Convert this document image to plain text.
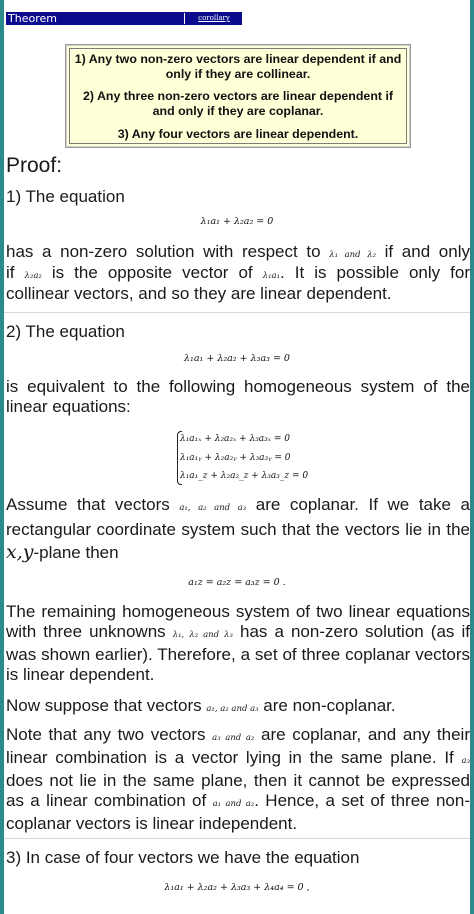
Theorem	corollary

1) Any two non-zero vectors are linear dependent if and only if they are collinear.

2) Any three non-zero vectors are linear dependent if and only if they are coplanar.

3) Any four vectors are linear dependent.

Proof:
1) The equation
λ₁a₁ + λ₂a₂ = 0
has a non-zero solution with respect to λ₁ and λ₂ if and only
if λ₂a₂ is the opposite vector of λ₁a₁. It is possible only for
collinear vectors, and so they are linear dependent.
2) The equation
λ₁a₁ + λ₂a₂ + λ₃a₃ = 0
is equivalent to the following homogeneous system of the linear equations:
λ₁a₁ₓ + λ₂a₂ₓ + λ₃a₃ₓ = 0
λ₁a₁ᵧ + λ₂a₂ᵧ + λ₃a₃ᵧ = 0
λ₁a₁_z + λ₂a₂_z + λ₃a₃_z = 0
Assume that vectors a₁, a₂ and a₃ are coplanar. If we take a rectangular coordinate system such that the vectors lie in the x,y-plane then
a₁z = a₂z = a₃z = 0 .
The remaining homogeneous system of two linear equations with three unknowns λ₁, λ₂ and λ₃ has a non-zero solution (as if was shown earlier). Therefore, a set of three coplanar vectors is linear dependent.
Now suppose that vectors a₁, a₂ and a₃ are non-coplanar.
Note that any two vectors a₃ and a₂ are coplanar, and any their linear combination is a vector lying in the same plane. If a₃ does not lie in the same plane, then it cannot be expressed as a linear combination of a₁ and a₂. Hence, a set of three non-coplanar vectors is linear independent.
3) In case of four vectors we have the equation
λ₁a₁ + λ₂a₂ + λ₃a₃ + λ₄a₄ = 0 ,
